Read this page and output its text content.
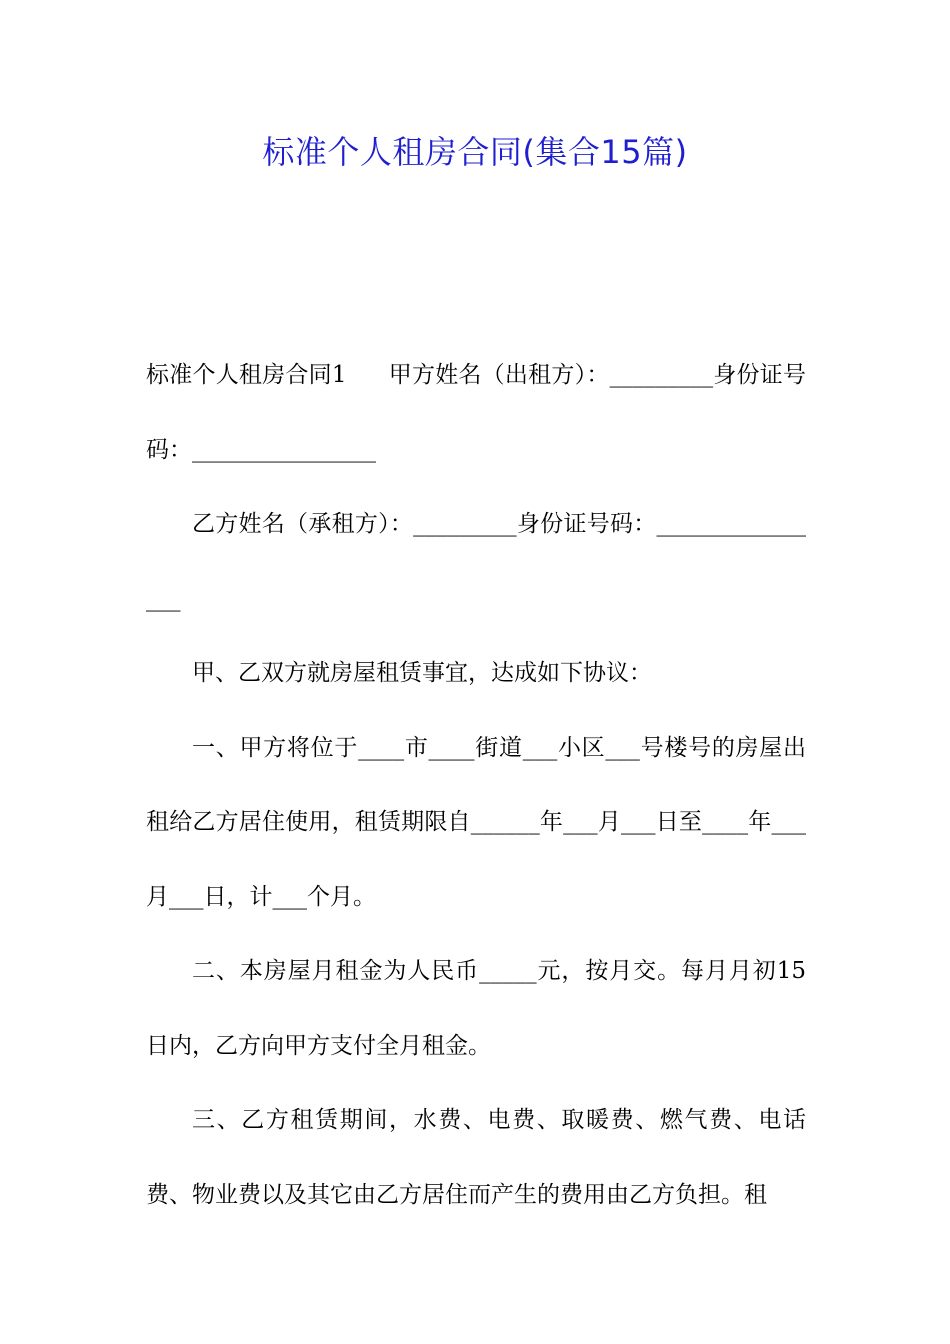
标准个人租房合同(集合15篇)

标准个人租房合同1 甲方姓名（出租方）：_________身份证号码：________________

乙方姓名（承租方）：_________身份证号码：________________

甲、乙双方就房屋租赁事宜，达成如下协议：

一、甲方将位于____市____街道___小区___号楼号的房屋出租给乙方居住使用，租赁期限自______年___月___日至____年___月___日，计___个月。

二、本房屋月租金为人民币_____元，按月交。每月月初15日内，乙方向甲方支付全月租金。

三、乙方租赁期间，水费、电费、取暖费、燃气费、电话费、物业费以及其它由乙方居住而产生的费用由乙方负担。租
